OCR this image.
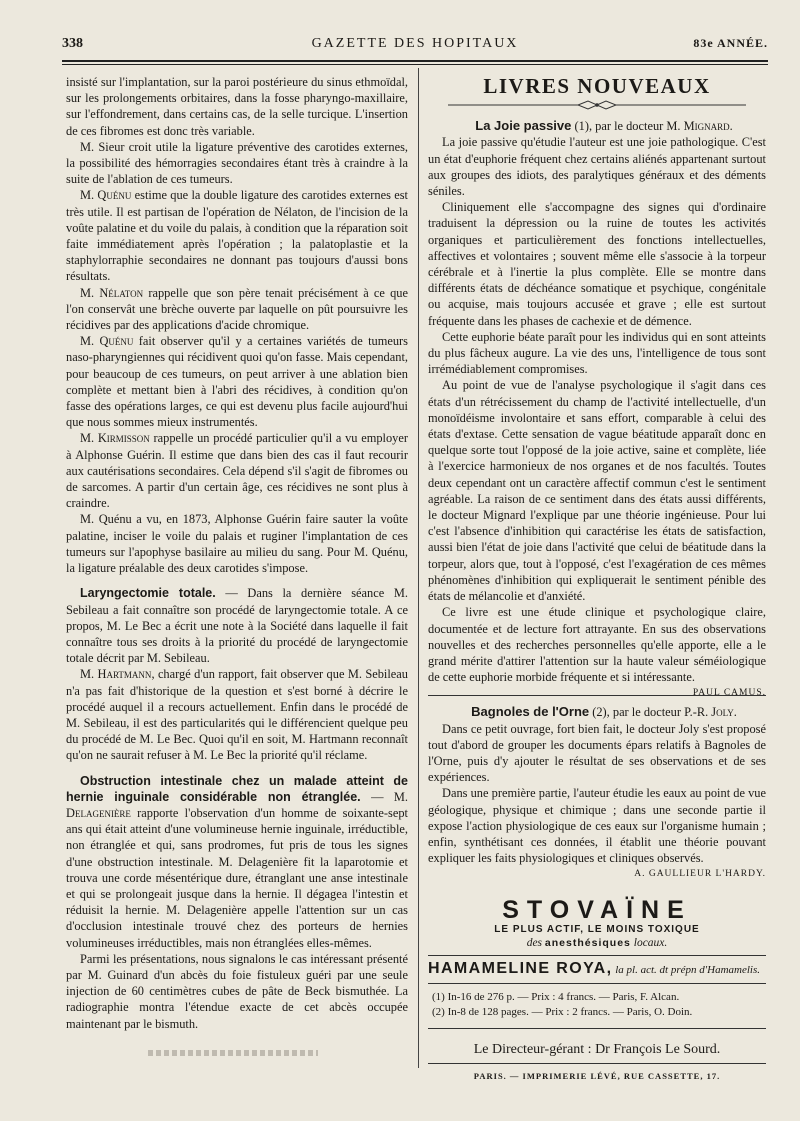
338	GAZETTE DES HOPITAUX	83e ANNÉE.

insisté sur l'implantation, sur la paroi postérieure du sinus ethmoïdal, sur les prolongements orbitaires, dans la fosse pharyngo-maxillaire, sur l'effondrement, dans certains cas, de la selle turcique. L'insertion de ces fibromes est donc très variable.

M. Sieur croit utile la ligature préventive des carotides externes, la possibilité des hémorragies secondaires étant très à craindre à la suite de l'ablation de ces tumeurs.

M. Quénu estime que la double ligature des carotides externes est très utile. Il est partisan de l'opération de Nélaton, de l'incision de la voûte palatine et du voile du palais, à condition que la réparation soit faite immédiatement après l'opération ; la palatoplastie et la staphylorraphie secondaires ne donnant pas toujours d'aussi bons résultats.

M. Nélaton rappelle que son père tenait précisément à ce que l'on conservât une brèche ouverte par laquelle on pût poursuivre les récidives par des applications d'acide chromique.

M. Quénu fait observer qu'il y a certaines variétés de tumeurs naso-pharyngiennes qui récidivent quoi qu'on fasse. Mais cependant, pour beaucoup de ces tumeurs, on peut arriver à une ablation bien complète et mettant bien à l'abri des récidives, à condition qu'on fasse des opérations larges, ce qui est devenu plus facile aujourd'hui que nous sommes mieux instrumentés.

M. Kirmisson rappelle un procédé particulier qu'il a vu employer à Alphonse Guérin. Il estime que dans bien des cas il faut recourir aux cautérisations secondaires. Cela dépend s'il s'agit de fibromes ou de sarcomes. A partir d'un certain âge, ces récidives ne sont plus à craindre.

M. Quénu a vu, en 1873, Alphonse Guérin faire sauter la voûte palatine, inciser le voile du palais et ruginer l'implantation de ces tumeurs sur l'apophyse basilaire au milieu du sang. Pour M. Quénu, la ligature préalable des deux carotides s'impose.

Laryngectomie totale. — Dans la dernière séance M. Sebileau a fait connaître son procédé de laryngectomie totale. A ce propos, M. Le Bec a écrit une note à la Société dans laquelle il fait connaître tous ses droits à la priorité du procédé de laryngectomie totale décrit par M. Sebileau.

M. Hartmann, chargé d'un rapport, fait observer que M. Sebileau n'a pas fait d'historique de la question et s'est borné à décrire le procédé auquel il a recours actuellement. Enfin dans le procédé de M. Sebileau, il est des particularités qui le différencient quelque peu du procédé de M. Le Bec. Quoi qu'il en soit, M. Hartmann reconnaît qu'on ne saurait refuser à M. Le Bec la priorité qu'il réclame.

Obstruction intestinale chez un malade atteint de hernie inguinale considérable non étranglée. — M. Delagenière rapporte l'observation d'un homme de soixante-sept ans qui était atteint d'une volumineuse hernie inguinale, irréductible, non étranglée et qui, sans prodromes, fut pris de tous les signes d'une obstruction intestinale. M. Delagenière fit la laparotomie et trouva une corde mésentérique dure, étranglant une anse intestinale et qui se prolongeait jusque dans la hernie. Il dégagea l'intestin et réduisit la hernie. M. Delagenière appelle l'attention sur un cas d'occlusion intestinale trouvé chez des porteurs de hernies volumineuses irréductibles, mais non étranglées elles-mêmes.

Parmi les présentations, nous signalons le cas intéressant présenté par M. Guinard d'un abcès du foie fistuleux guéri par une seule injection de 60 centimètres cubes de pâte de Beck bismuthée. La radiographie montra l'étendue exacte de cet abcès occupée maintenant par le bismuth.

LIVRES NOUVEAUX

La Joie passive (1), par le docteur M. Mignard.

La joie passive qu'étudie l'auteur est une joie pathologique. C'est un état d'euphorie fréquent chez certains aliénés appartenant surtout aux groupes des idiots, des paralytiques généraux et des déments séniles.

Cliniquement elle s'accompagne des signes qui d'ordinaire traduisent la dépression ou la ruine de toutes les activités organiques et particulièrement des fonctions intellectuelles, affectives et volontaires ; souvent même elle s'associe à la torpeur cérébrale et à l'inertie la plus complète. Elle se montre dans différents états de déchéance somatique et psychique, congénitale ou acquise, mais toujours accusée et grave ; elle est surtout fréquente dans les phases de cachexie et de démence.

Cette euphorie béate paraît pour les individus qui en sont atteints du plus fâcheux augure. La vie des uns, l'intelligence de tous sont irrémédiablement compromises.

Au point de vue de l'analyse psychologique il s'agit dans ces états d'un rétrécissement du champ de l'activité intellectuelle, d'un monoïdéisme involontaire et sans effort, comparable à celui des états d'extase. Cette sensation de vague béatitude apparaît donc en quelque sorte tout l'opposé de la joie active, saine et complète, liée à l'exercice harmonieux de nos organes et de nos facultés. Toutes deux cependant ont un caractère affectif commun c'est le sentiment agréable. La raison de ce sentiment dans des états aussi différents, le docteur Mignard l'explique par une théorie ingénieuse. Pour lui c'est l'absence d'inhibition qui caractérise les états de satisfaction, aussi bien l'état de joie dans l'activité que celui de béatitude dans la torpeur, alors que, tout à l'opposé, c'est l'exagération de ces mêmes phénomènes d'inhibition qui expliquerait le sentiment pénible des états de mélancolie et d'anxiété.

Ce livre est une étude clinique et psychologique claire, documentée et de lecture fort attrayante. En sus des observations nouvelles et des recherches personnelles qu'elle apporte, elle a le grand mérite d'attirer l'attention sur la haute valeur séméiologique de cette euphorie morbide fréquente et si intéressante.
PAUL CAMUS.

Bagnoles de l'Orne (2), par le docteur P.-R. Joly.

Dans ce petit ouvrage, fort bien fait, le docteur Joly s'est proposé tout d'abord de grouper les documents épars relatifs à Bagnoles de l'Orne, puis d'y ajouter le résultat de ses observations et de ses expériences.

Dans une première partie, l'auteur étudie les eaux au point de vue géologique, physique et chimique ; dans une seconde partie il expose l'action physiologique de ces eaux sur l'organisme humain ; enfin, synthétisant ces données, il établit une théorie pouvant expliquer les faits physiologiques et cliniques observés.

A. GAULLIEUR L'HARDY.
STOVAÏNE
LE PLUS ACTIF, LE MOINS TOXIQUE
des anesthésiques locaux.
HAMAMELINE ROYA, la pl. act. dt prépn d'Hamamelis.

(1) In-16 de 276 p. — Prix : 4 francs. — Paris, F. Alcan.

(2) In-8 de 128 pages. — Prix : 2 francs. — Paris, O. Doin.

Le Directeur-gérant : Dr François Le Sourd.
PARIS. — IMPRIMERIE LÉVÉ, RUE CASSETTE, 17.
